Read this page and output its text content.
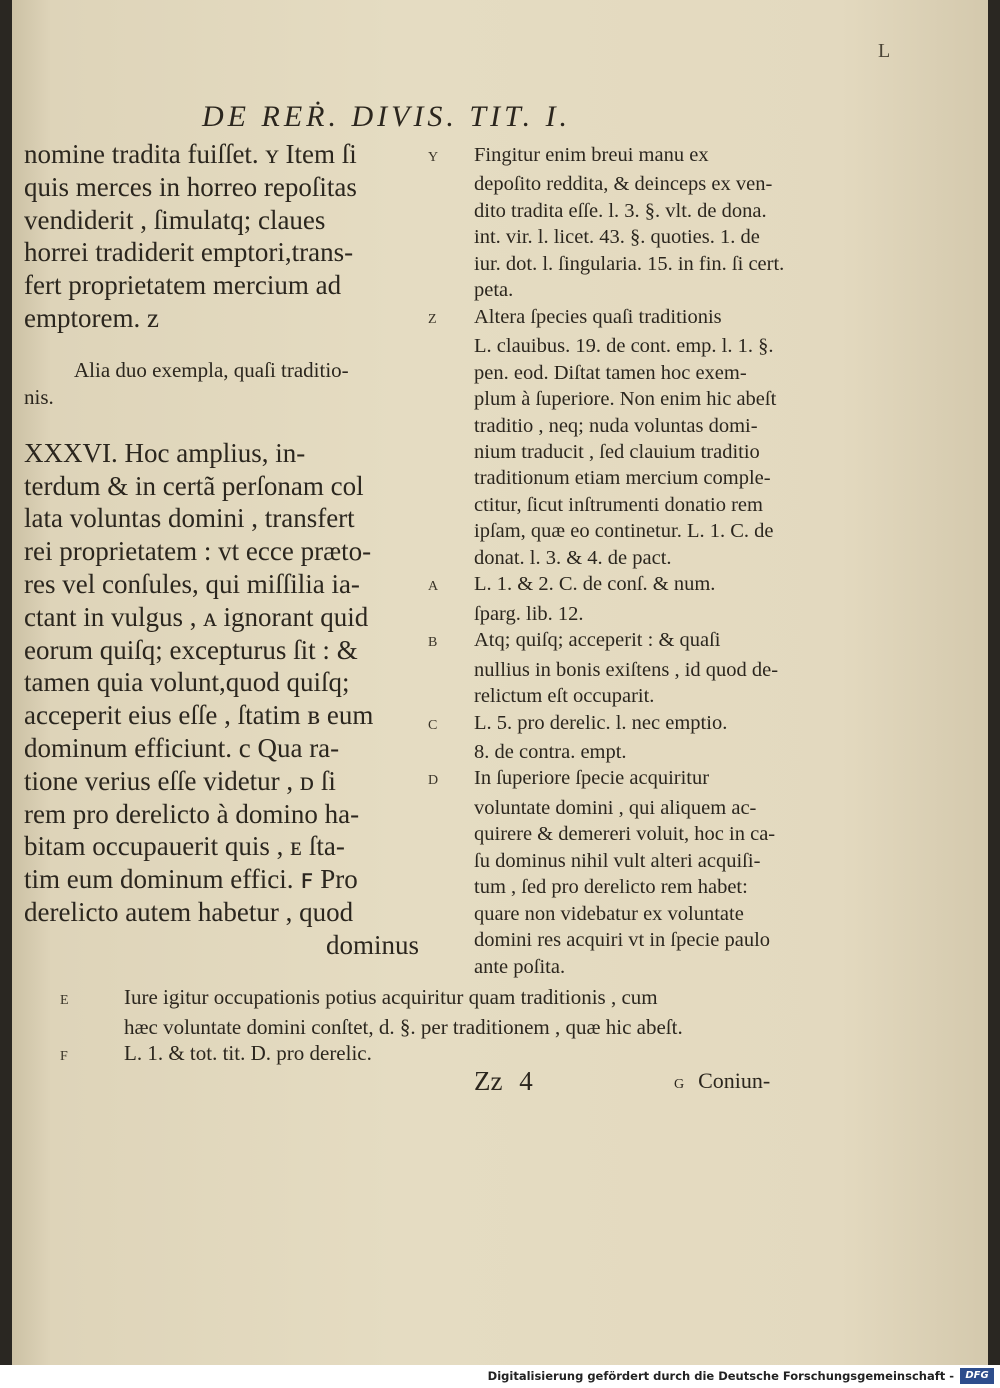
L
DE REṘ. DIVIS. TIT. I.
nomine tradita fuiſſet. ʏ Item ſi
quis merces in horreo repoſitas
vendiderit , ſimulatq; claues
horrei tradiderit emptori,trans-
fert proprietatem mercium ad
emptorem. z
Alia duo exempla, quaſi traditio-
nis.
XXXVI. Hoc amplius, in-
terdum & in certã perſonam col
lata voluntas domini , transfert
rei proprietatem : vt ecce prætο-
res vel conſules, qui miſſilia ia-
ctant in vulgus , ᴀ ignorant quid
eorum quiſq; excepturus ſit : &
tamen quia volunt,quod quiſq;
acceperit eius eſſe , ſtatim ʙ eum
dominum efficiunt. c Qua ra-
tione verius eſſe videtur , ᴅ ſi
rem pro derelicto à domino ha-
bitam occupauerit quis , ᴇ ſta-
tim eum dominum effici. ꜰ Pro
derelicto autem habetur , quod
dominus
Y Fingitur enim breui manu ex
depoſito reddita, & deinceps ex ven-
dito tradita eſſe. l. 3. §. vlt. de dona.
int. vir. l. licet. 43. §. quoties. 1. de
iur. dot. l. ſingularia. 15. in fin. ſi cert.
peta.
Z Altera ſpecies quaſi traditionis
L. clauibus. 19. de cont. emp. l. 1. §.
pen. eod. Diſtat tamen hoc exem-
plum à ſuperiore. Non enim hic abeſt
traditio , neq; nuda voluntas domi-
nium traducit , ſed clauium traditio
traditionum etiam mercium comple-
ctitur, ſicut inſtrumenti donatio rem
ipſam, quæ eo continetur. L. 1. C. de
donat. l. 3. & 4. de pact.
A L. 1. & 2. C. de conſ. & num.
ſparg. lib. 12.
B Atq; quiſq; acceperit : & quaſi
nullius in bonis exiſtens , id quod de-
relictum eſt occuparit.
C L. 5. pro derelic. l. nec emptio.
8. de contra. empt.
D In ſuperiore ſpecie acquiritur
voluntate domini , qui aliquem ac-
quirere & demereri voluit, hoc in ca-
ſu dominus nihil vult alteri acquiſi-
tum , ſed pro derelicto rem habet:
quare non videbatur ex voluntate
domini res acquiri vt in ſpecie paulo
ante poſita.
E	Iure igitur occupationis potius acquiritur quam traditionis , cum
hæc voluntate domini conſtet, d. §. per traditionem , quæ hic abeſt.
F	L. 1. & tot. tit. D. pro derelic.
Zz 4	G Coniun-
Digitalisierung gefördert durch die Deutsche Forschungsgemeinschaft -	DFG
